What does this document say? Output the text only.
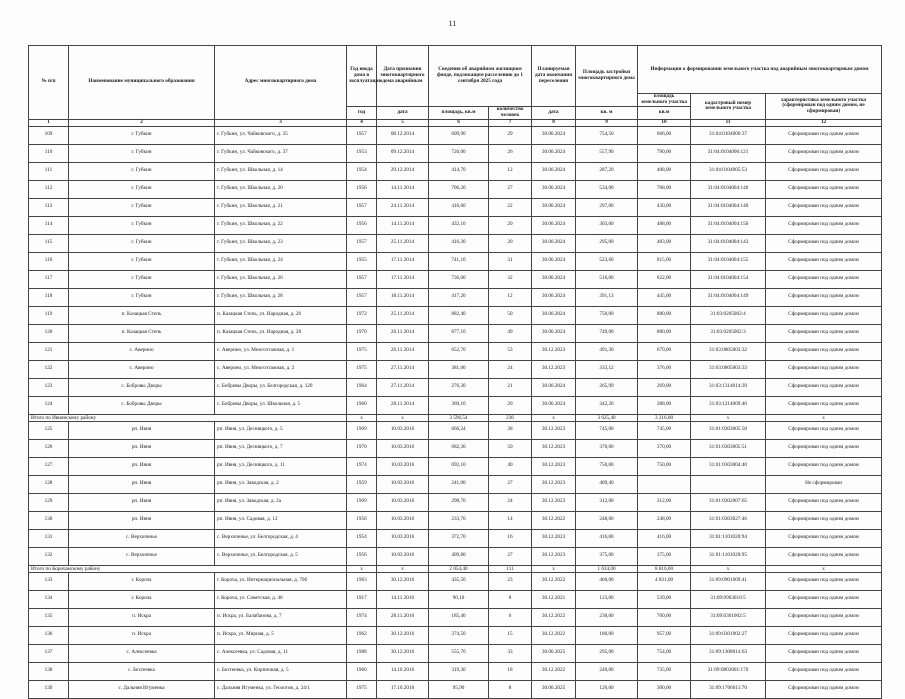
11
№ п/п	Наименование муниципального образования	Адрес многоквартирного дома	Год ввода дома в эксплуатацию	Дата признания многоквартирного дома аварийным	Сведения об аварийном жилищном фонде, подлежащем расселению до 1 сентября 2025 года		Планируемая дата окончания переселения	Площадь застройки многоквартирного дома	Информация о формировании земельного участка под аварийным многоквартирным домом		
									площадь земельного участка	кадастровый номер земельного участка	характеристика земельного участка (сформирован под одним домом, не сформирован)
			год	дата	площадь, кв.м	количество человек	дата	кв. м	кв.м		
1	2	3	4	5	6	7	8	9	10	11	12
109	г. Губкин	г. Губкин, ул. Чайковского, д. 35	1957	08.12.2014	609,90	29	30.06.2024	754,50	666,00	31:04:0104006:37	Сформирован под одним домом
110	г. Губкин	г. Губкин, ул. Чайковского, д. 37	1953	09.12.2014	726,00	26	30.06.2024	557,90	790,00	31:04:0104006:121	Сформирован под одним домом
111	г. Губкин	г. Губкин, ул. Школьная, д. 14	1954	29.12.2014	414,70	12	30.06.2024	287,20	408,00	31:04:0104005:53	Сформирован под одним домом
112	г. Губкин	г. Губкин, ул. Школьная, д. 20	1956	14.11.2014	706,20	27	30.06.2024	534,00	768,00	31:04:0104004:146	Сформирован под одним домом
113	г. Губкин	г. Губкин, ул. Школьная, д. 21	1957	24.11.2014	416,60	22	30.06.2024	297,00	430,00	31:04:0104004:140	Сформирован под одним домом
114	г. Губкин	г. Губкин, ул. Школьная, д. 22	1956	14.11.2014	432,10	20	30.06.2024	303,00	488,00	31:04:0104004:150	Сформирован под одним домом
115	г. Губкин	г. Губкин, ул. Школьная, д. 23	1957	25.11.2014	416,30	20	30.06.2024	295,00	483,00	31:04:0104004:143	Сформирован под одним домом
116	г. Губкин	г. Губкин, ул. Школьная, д. 24	1955	17.11.2014	741,10	31	30.06.2024	523,60	815,00	31:04:0104004:155	Сформирован под одним домом
117	г. Губкин	г. Губкин, ул. Школьная, д. 26	1957	17.11.2014	736,00	32	30.06.2024	516,00	822,00	31:04:0104004:154	Сформирован под одним домом
118	г. Губкин	г. Губкин, ул. Школьная, д. 28	1957	18.11.2014	417,20	12	30.06.2024	391,13	445,00	31:04:0104004:149	Сформирован под одним домом
119	п. Казацкая Степь	п. Казацкая Степь, ул. Народная, д. 26	1972	25.11.2014	882,40	50	30.06.2024	750,00	880,00	31:03:0205002:4	Сформирован под одним домом
120	п. Казацкая Степь	п. Казацкая Степь, ул. Народная, д. 28	1970	26.11.2014	877,10	49	30.06.2024	749,00	880,00	31:03:0205002:3	Сформирован под одним домом
121	с. Аверино	с. Аверино, ул. Многоэтажная, д. 1	1975	26.11.2014	652,70	53	30.12.2023	491,30	679,00	31:03:0805003:32	Сформирован под одним домом
122	с. Аверино	с. Аверино, ул. Многоэтажная, д. 2	1975	27.11.2014	381,00	24	30.12.2023	333,12	376,00	31:03:0805003:33	Сформирован под одним домом
123	с. Бобровы Дворы	с. Бобровы Дворы, ул. Белгородская, д. 120	1964	27.11.2014	276,30	21	30.06.2024	265,99	269,00	31:03:1314014:39	Сформирован под одним домом
124	с. Бобровы Дворы	с. Бобровы Дворы, ул. Школьная, д. 5	1960	28.11.2014	369,10	20	30.06.2024	342,20	388,00	31:03:1214009:40	Сформирован под одним домом
Итого по Ивнянскому району			х	х	3 596,54	236	х	3 625,40	3 216,00	х	х
125	рп. Ивня	рп. Ивня, ул. Десняцкого, д. 5	1969	10.03.2016	666,24	38	30.12.2023	745,00	745,00	31:01:0303005:50	Сформирован под одним домом
126	рп. Ивня	рп. Ивня, ул. Десняцкого, д. 7	1970	10.03.2016	682,30	50	30.12.2023	370,00	370,00	31:01:0303005:51	Сформирован под одним домом
127	рп. Ивня	рп. Ивня, ул. Десняцкого, д. 11	1974	10.03.2016	692,10	40	30.12.2023	750,00	750,00	31:01:0303004:40	Сформирован под одним домом
128	рп. Ивня	рп. Ивня, ул. Заводская, д. 2	1959	10.03.2016	241,00	27	30.12.2023	409,40			Не сформирован
129	рп. Ивня	рп. Ивня, ул. Заводская, д. 2а	1969	10.03.2016	298,70	24	30.12.2023	312,00	312,00	31:01:0302007:65	Сформирован под одним домом
130	рп. Ивня	рп. Ивня, ул. Садовая, д. 12	1956	10.03.2016	233,70	14	30.12.2022	248,00	248,00	31:01:0303027:46	Сформирован под одним домом
131	с. Верхопенье	с. Верхопенье, ул. Белгородская, д. 4	1954	10.03.2016	372,70	16	30.12.2023	416,00	416,00	31:01:1101020:94	Сформирован под одним домом
132	с. Верхопенье	с. Верхопенье, ул. Белгородская, д. 5	1956	10.03.2016	409,80	27	30.12.2023	375,00	375,00	31:01:1101020:95	Сформирован под одним домом
Итого по Корочанскому району			х	х	2 054,40	111	х	1 634,00	8 816,00	х	х
133	г. Короча	г. Короча, ул. Интернациональная, д. 70б	1963	30.12.2016	435,50	23	30.12.2022	460,00	4 831,00	31:09:0901009:41	Сформирован под одним домом
134	г. Короча	г. Короча, ул. Советская, д. 40	1917	14.11.2016	90,10	8	30.12.2021	123,00	539,00	31:09:0903010:5	Сформирован под одним домом
135	п. Искра	п. Искра, ул. Балабанова, д. 7	1974	28.11.2016	185,40	6	30.12.2022	230,00	700,00	31:09:0301002:5	Сформирован под одним домом
136	п. Искра	п. Искра, ул. Мирная, д. 5	1962	30.12.2016	374,50	15	30.12.2022	180,00	957,00	31:09:0301002:27	Сформирован под одним домом
137	с. Алексеевка	с. Алексеевка, ул. Садовая, д. 11	1988	30.12.2016	555,70	33	30.06.2025	295,00	754,00	31:09:1308014:63	Сформирован под одним домом
138	с. Бехтеевка	с. Бехтеевка, ул. Кирпичная, д. 5	1960	14.10.2016	319,30	18	30.12.2022	240,00	735,00	31:09:0803001:170	Сформирован под одним домом
139	с. Дальняя Игуменка	с. Дальняя Игуменка, ул. Геологов, д. 24/1	1975	17.10.2016	95,90	8	30.06.2025	126,00	300,00	31:09:1706011:70	Сформирован под одним домом
